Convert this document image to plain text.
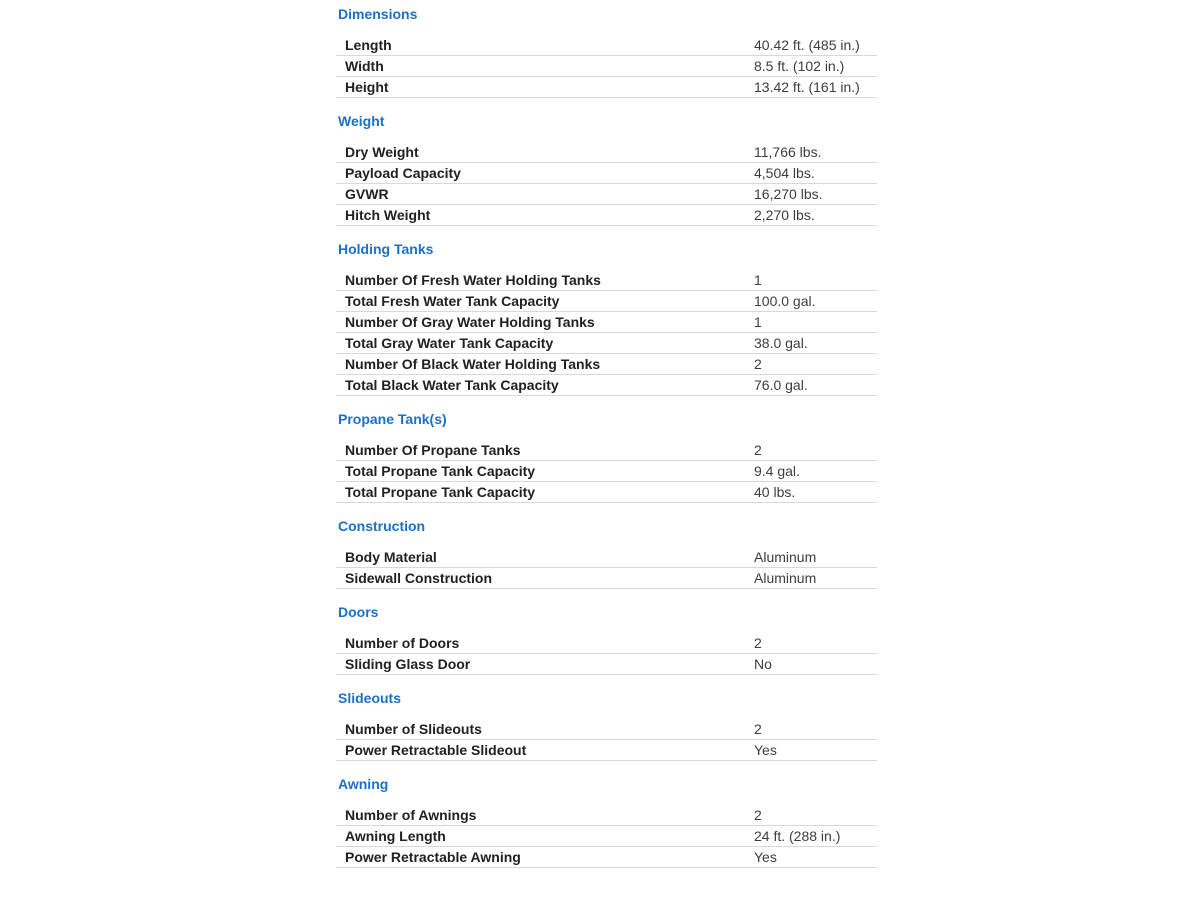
Dimensions
Length	40.42 ft. (485 in.)
Width	8.5 ft. (102 in.)
Height	13.42 ft. (161 in.)
Weight
Dry Weight	11,766 lbs.
Payload Capacity	4,504 lbs.
GVWR	16,270 lbs.
Hitch Weight	2,270 lbs.
Holding Tanks
Number Of Fresh Water Holding Tanks	1
Total Fresh Water Tank Capacity	100.0 gal.
Number Of Gray Water Holding Tanks	1
Total Gray Water Tank Capacity	38.0 gal.
Number Of Black Water Holding Tanks	2
Total Black Water Tank Capacity	76.0 gal.
Propane Tank(s)
Number Of Propane Tanks	2
Total Propane Tank Capacity	9.4 gal.
Total Propane Tank Capacity	40 lbs.
Construction
Body Material	Aluminum
Sidewall Construction	Aluminum
Doors
Number of Doors	2
Sliding Glass Door	No
Slideouts
Number of Slideouts	2
Power Retractable Slideout	Yes
Awning
Number of Awnings	2
Awning Length	24 ft. (288 in.)
Power Retractable Awning	Yes
